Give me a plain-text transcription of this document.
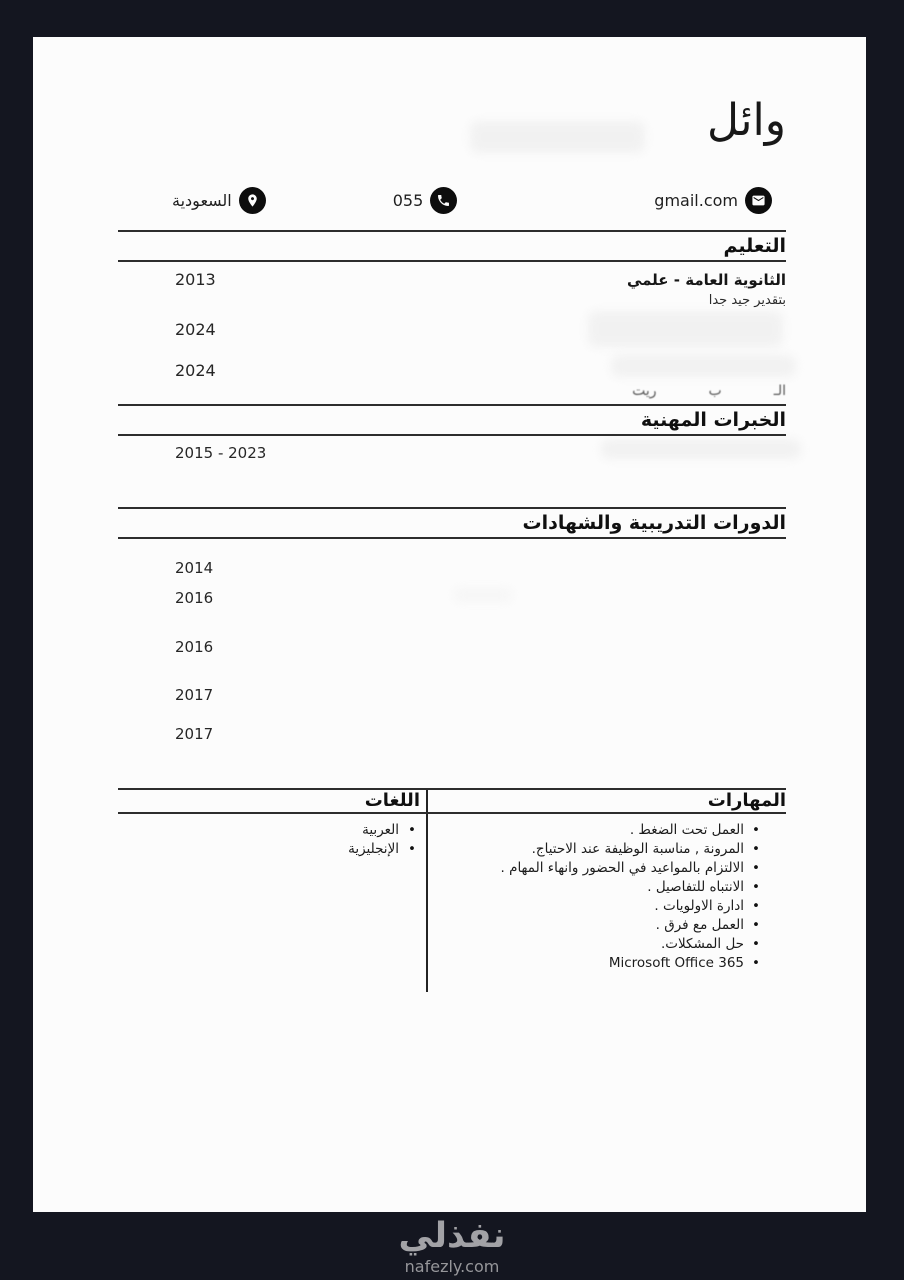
وائل
gmail.com
055
السعودية
التعليم
الثانوية العامة - علمي
2013
بتقدير جيد جدا
2024
2024
الـ
ب
ريت
الخبرات المهنية
2015 - 2023
الدورات التدريبية والشهادات
2014
2016
2016
2017
2017
المهارات
اللغات
• العمل تحت الضغط .
• المرونة , مناسبة الوظيفة عند الاحتياج.
• الالتزام بالمواعيد في الحضور وانهاء المهام .
• الانتباه للتفاصيل .
• ادارة الاولويات .
• العمل مع فرق .
• حل المشكلات.
• Microsoft Office 365
• العربية
• الإنجليزية
نفذلي
nafezly.com
